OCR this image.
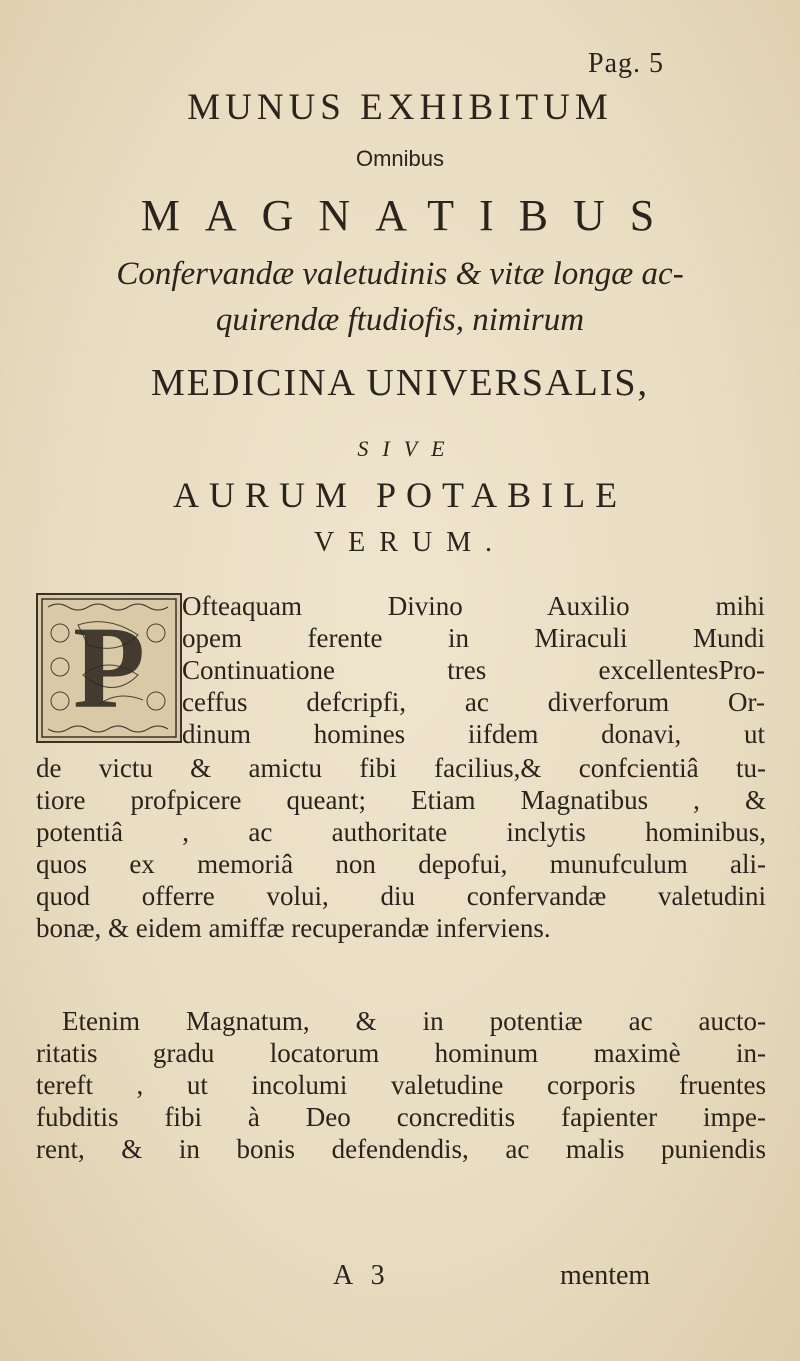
Pag. 5
MUNUS EXHIBITUM
Omnibus
MAGNATIBUS
Confervandæ valetudinis & vitæ longæ ac-
quirendæ ftudiofis, nimirum
MEDICINA UNIVERSALIS,
SIVE
AURUM POTABILE
VERUM.
P Ofteaquam Divino Auxilio mihi
opem ferente in Miraculi Mundi
Continuatione tres excellentesPro-
ceffus defcripfi, ac diverforum Or-
dinum homines iifdem donavi, ut
de victu & amictu fibi facilius,& confcientiâ tu-
tiore profpicere queant; Etiam Magnatibus , &
potentiâ , ac authoritate inclytis hominibus,
quos ex memoriâ non depofui, munufculum ali-
quod offerre volui, diu confervandæ valetudini
bonæ, & eidem amiffæ recuperandæ inferviens.
Etenim Magnatum, & in potentiæ ac aucto-
ritatis gradu locatorum hominum maximè in-
tereft , ut incolumi valetudine corporis fruentes
fubditis fibi à Deo concreditis fapienter impe-
rent, & in bonis defendendis, ac malis puniendis
A 3	mentem
